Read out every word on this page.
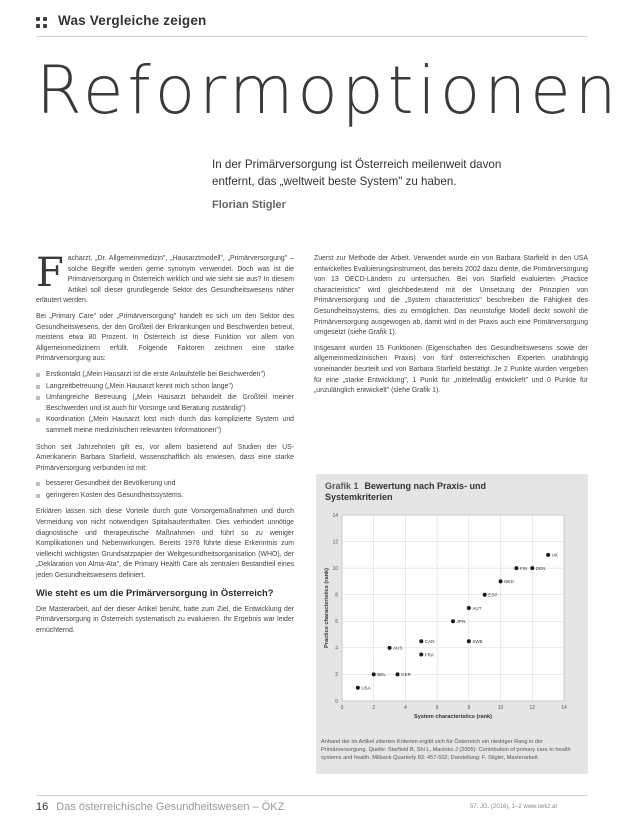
Was Vergleiche zeigen
Reformoptionen
In der Primärversorgung ist Österreich meilenweit davon entfernt, das „weltweit beste System" zu haben.
Florian Stigler

Facharzt, „Dr. Allgemeinmedizin", „Hausarztmodell", „Primärversorgung" – solche Begriffe werden gerne synonym verwendet. Doch was ist die Primärversorgung in Österreich wirklich und wie sieht sie aus? In diesem Artikel soll dieser grundlegende Sektor des Gesundheitswesens näher erläutert werden.

Bei „Primary Care" oder „Primärversorgung" handelt es sich um den Sektor des Gesundheitswesens, der den Großteil der Erkrankungen und Beschwerden betreut, meistens etwa 80 Prozent. In Österreich ist diese Funktion vor allem von Allgemeinmedizinern erfüllt. Folgende Faktoren zeichnen eine starke Primärversorgung aus:

Erstkontakt („Mein Hausarzt ist die erste Anlaufstelle bei Beschwerden")
Langzeitbetreuung („Mein Hausarzt kennt mich schon lange")
Umfangreiche Betreuung („Mein Hausarzt behandelt die Großteil meiner Beschwerden und ist auch für Vorsorge und Beratung zuständig")
Koordination („Mein Hausarzt lotst mich durch das komplizierte System und sammelt meine medizinischen relevanten Informationen")

Schon seit Jahrzehnten gilt es, vor allem basierend auf Studien der US-Amerikanerin Barbara Starfield, wissenschaftlich als erwiesen, dass eine starke Primärversorgung verbunden ist mit:

besserer Gesundheit der Bevölkerung und
geringeren Kosten des Gesundheitssystems.

Erklären lassen sich diese Vorteile durch gute Vorsorgemaßnahmen und durch Vermeidung von nicht notwendigen Spitalsaufenthalten. Dies verhindert unnötige diagnostische und therapeutische Maßnahmen und führt so zu weniger Komplikationen und Nebenwirkungen. Bereits 1978 führte diese Erkenntnis zum vielleicht wichtigsten Grundsatzpapier der Weltgesundheitsorganisation (WHO), der „Deklaration von Alma-Ata", die Primary Health Care als zentralen Bestandteil eines jeden Gesundheitswesens definiert.

Wie steht es um die Primärversorgung in Österreich?

Die Masterarbeit, auf der dieser Artikel beruht, hatte zum Ziel, die Entwicklung der Primärversorgung in Österreich systematisch zu evaluieren. Ihr Ergebnis war leider ernüchternd.

Zuerst zur Methode der Arbeit. Verwendet wurde ein von Barbara Starfield in den USA entwickeltes Evaluierungsinstrument, das bereits 2002 dazu diente, die Primärversorgung von 13 OECD-Ländern zu untersuchen. Bei von Starfield evaluierten „Practice characteristics" wird gleichbedeutend mit der Umsetzung der Prinzipien von Primärversorgung und die „System characteristics" beschreiben die Fähigkeit des Gesundheitssystems, dies zu ermöglichen. Das neunstufige Modell deckt sowohl die Primärversorgung ausgewogen ab, damit wird in der Praxis auch eine Primärversorgung umgesetzt (siehe Grafik 1).

Insgesamt wurden 15 Funktionen (Eigenschaften des Gesundheitswesens sowie der allgemeinmedizinischen Praxis) von fünf österreichischen Experten unabhängig voneinander beurteilt und von Barbara Starfield bestätigt. Je 2 Punkte wurden vergeben für eine „starke Entwicklung", 1 Punkt für „mittelmäßig entwickelt" und 0 Punkte für „unzulänglich entwickelt" (siehe Grafik 1).

Grafik 1 Bewertung nach Praxis- und Systemkriterien
0	2	4	6	8	10	12	14
0
2
4
6
8
10
12
14
System characteristics (rank)
Practice characteristics (rank)
USA
BEL	GER
AUS
FRA
CAN	SWE
JPN
AUT
ESP
NED
FIN DEN
UK
Anhand der im Artikel zitierten Kriterien ergibt sich für Österreich ein niedriger Rang in der Primärversorgung. Quelle: Starfield B, Shi L, Macinko J (2005): Contribution of primary care to health systems and health. Milbank Quarterly 83: 457-502; Darstellung: F. Stigler, Masterarbeit.
16 Das österreichische Gesundheitswesen – ÖKZ	57. JG. (2016), 1–2 www.oekz.at
